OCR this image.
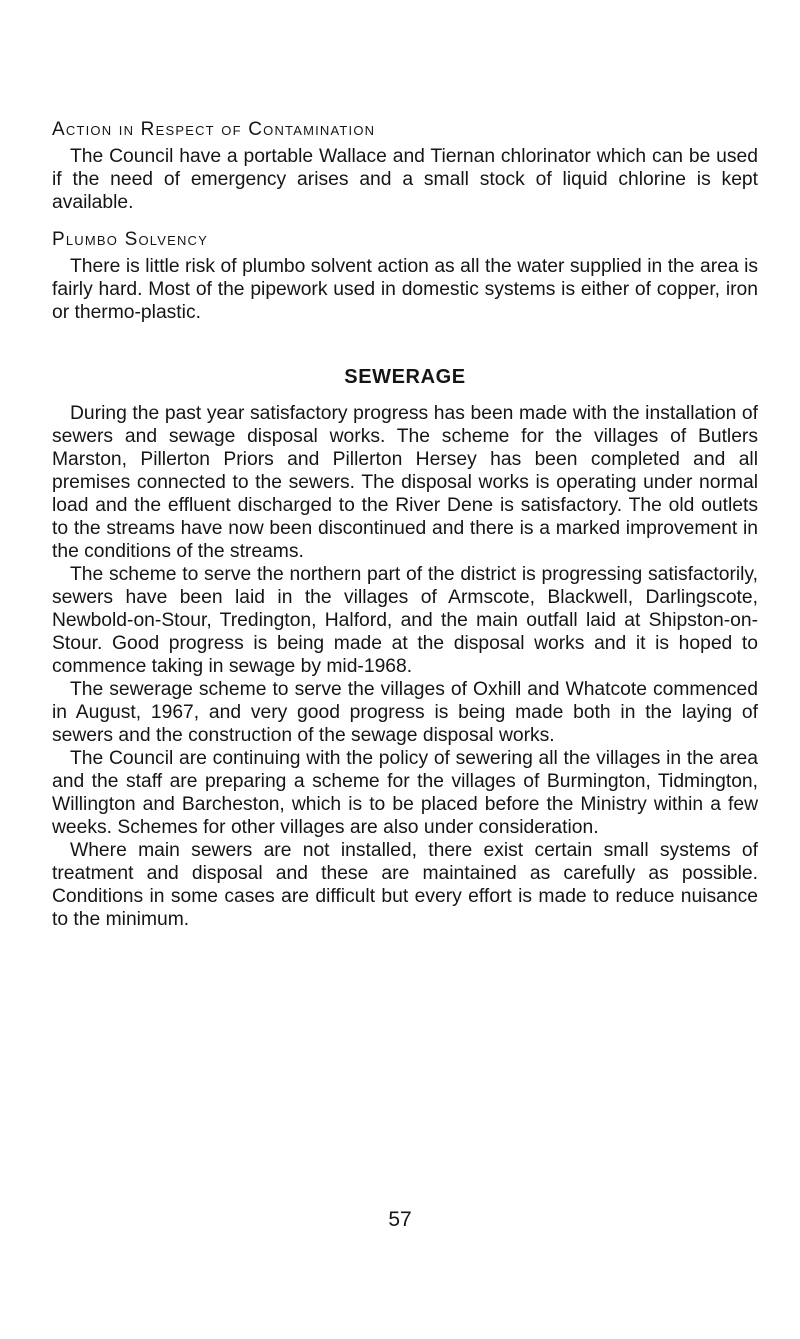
Action in Respect of Contamination

The Council have a portable Wallace and Tiernan chlorinator which can be used if the need of emergency arises and a small stock of liquid chlorine is kept available.

Plumbo Solvency

There is little risk of plumbo solvent action as all the water supplied in the area is fairly hard. Most of the pipework used in domestic systems is either of copper, iron or thermo-plastic.

SEWERAGE

During the past year satisfactory progress has been made with the installation of sewers and sewage disposal works. The scheme for the villages of Butlers Marston, Pillerton Priors and Pillerton Hersey has been completed and all premises connected to the sewers. The disposal works is operating under normal load and the effluent discharged to the River Dene is satisfactory. The old outlets to the streams have now been discontinued and there is a marked improvement in the conditions of the streams.

The scheme to serve the northern part of the district is progressing satisfactorily, sewers have been laid in the villages of Armscote, Blackwell, Darlingscote, Newbold-on-Stour, Tredington, Halford, and the main outfall laid at Shipston-on-Stour. Good progress is being made at the disposal works and it is hoped to commence taking in sewage by mid-1968.

The sewerage scheme to serve the villages of Oxhill and Whatcote commenced in August, 1967, and very good progress is being made both in the laying of sewers and the construction of the sewage disposal works.

The Council are continuing with the policy of sewering all the villages in the area and the staff are preparing a scheme for the villages of Burmington, Tidmington, Willington and Barcheston, which is to be placed before the Ministry within a few weeks. Schemes for other villages are also under consideration.

Where main sewers are not installed, there exist certain small systems of treatment and disposal and these are maintained as carefully as possible. Conditions in some cases are difficult but every effort is made to reduce nuisance to the minimum.

57
